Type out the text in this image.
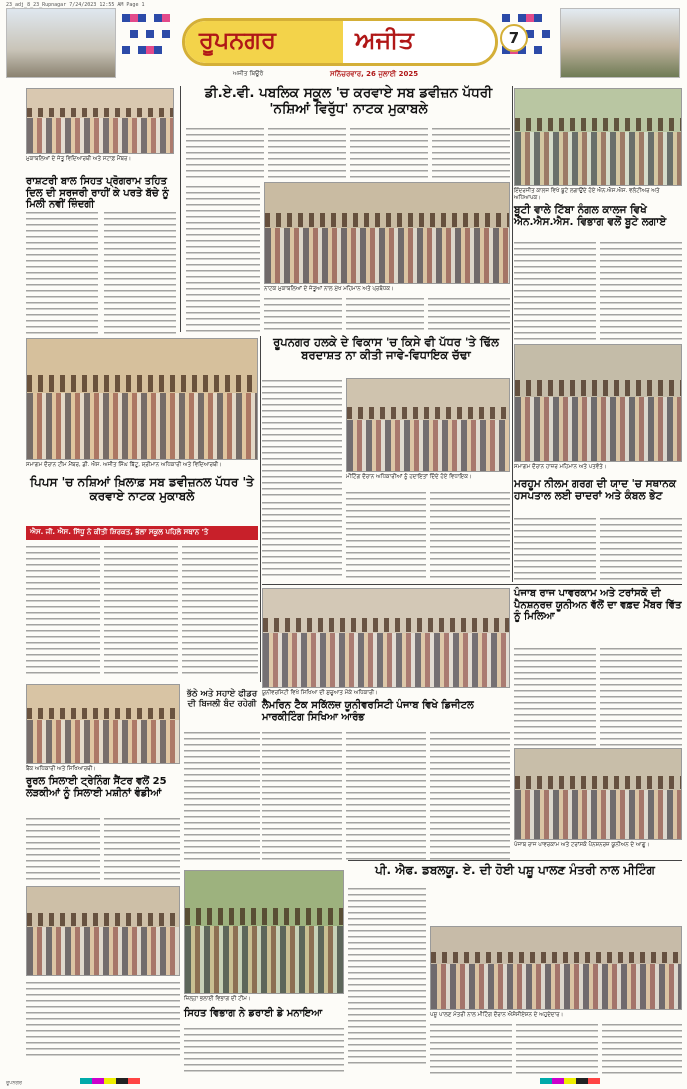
23_adj_8_23_Rupnagar 7/24/2023 12:55 AM Page 1
ਰੂਪਨਗਰ	ਅਜੀਤ	7
ਅਜੀਤ ਬਿਊਰੋ	ਸਨਿੱਚਰਵਾਰ, 26 ਜੁਲਾਈ 2025
ਮੁਕਾਬਲਿਆਂ ਦੇ ਜੇਤੂ ਵਿਦਿਆਰਥੀ ਅਤੇ ਸਟਾਫ਼ ਮੈਂਬਰ।
ਰਾਸ਼ਟਰੀ ਬਾਲ ਸਿਹਤ ਪ੍ਰੋਗਰਾਮ ਤਹਿਤ ਦਿਲ ਦੀ ਸਰਜਰੀ ਰਾਹੀਂ ਕੇ ਪਰਤੇ ਬੱਚੇ ਨੂੰ ਮਿਲੀ ਨਵੀਂ ਜ਼ਿੰਦਗੀ
ਡੀ.ਏ.ਵੀ. ਪਬਲਿਕ ਸਕੂਲ 'ਚ ਕਰਵਾਏ ਸਬ ਡਵੀਜ਼ਨ ਪੱਧਰੀ 'ਨਸ਼ਿਆਂ ਵਿਰੁੱਧ' ਨਾਟਕ ਮੁਕਾਬਲੇ
ਨਾਟਕ ਮੁਕਾਬਲਿਆਂ ਦੇ ਜੇਤੂਆਂ ਨਾਲ ਮੁੱਖ ਮਹਿਮਾਨ ਅਤੇ ਪ੍ਰਬੰਧਕ।
ਇੰਦਰਜੀਤ ਕਾਲਜ ਵਿਖੇ ਬੂਟੇ ਲਗਾਉਂਦੇ ਹੋਏ ਐਨ.ਐਸ.ਐਸ. ਵਲੰਟੀਅਰ ਅਤੇ ਅਧਿਆਪਕ।
ਬੂਟੀ ਵਾਲੇ ਟਿੱਬਾ ਨੰਗਲ ਕਾਲਜ ਵਿਖੇ ਐਨ.ਐਸ.ਐਸ. ਵਿਭਾਗ ਵਲੋਂ ਬੂਟੇ ਲਗਾਏ
ਸਮਾਗਮ ਦੌਰਾਨ ਟੀਮ ਮੈਂਬਰ, ਡੀ. ਐਸ. ਅਜੀਤ ਸਿੰਘ ਬਿੱਟੂ, ਸ਼੍ਰੀਮਾਨ ਅਧਿਕਾਰੀ ਅਤੇ ਵਿਦਿਆਰਥੀ।
ਪਿਪਸ 'ਚ ਨਸ਼ਿਆਂ ਖ਼ਿਲਾਫ਼ ਸਬ ਡਵੀਜ਼ਨਲ ਪੱਧਰ 'ਤੇ ਕਰਵਾਏ ਨਾਟਕ ਮੁਕਾਬਲੇ
ਐਸ. ਜੀ. ਐਸ. ਸਿੱਧੂ ਨੇ ਕੀਤੀ ਸ਼ਿਰਕਤ, ਭੱਲਾ ਸਕੂਲ ਪਹਿਲੇ ਸਥਾਨ 'ਤੇ
ਰੂਪਨਗਰ ਹਲਕੇ ਦੇ ਵਿਕਾਸ 'ਚ ਕਿਸੇ ਵੀ ਪੱਧਰ 'ਤੇ ਢਿੱਲ ਬਰਦਾਸ਼ਤ ਨਾ ਕੀਤੀ ਜਾਵੇ-ਵਿਧਾਇਕ ਚੱਢਾ
ਮੀਟਿੰਗ ਦੌਰਾਨ ਅਧਿਕਾਰੀਆਂ ਨੂੰ ਹਦਾਇਤਾਂ ਦਿੰਦੇ ਹੋਏ ਵਿਧਾਇਕ।
ਸਮਾਗਮ ਦੌਰਾਨ ਹਾਜ਼ਰ ਮਹਿਮਾਨ ਅਤੇ ਪਤਵੰਤੇ।
ਮਰਹੂਮ ਨੀਲਮ ਗਰਗ ਦੀ ਯਾਦ 'ਚ ਸਥਾਨਕ ਹਸਪਤਾਲ ਲਈ ਚਾਦਰਾਂ ਅਤੇ ਕੰਬਲ ਭੇਟ
ਯੂਨੀਵਰਸਿਟੀ ਵਿਖੇ ਸਿਖਿਆ ਦੀ ਸ਼ੁਰੂਆਤ ਮੌਕੇ ਅਧਿਕਾਰੀ।
ਲੈਮਰਿਨ ਟੈਕ ਸਕਿੱਲਜ਼ ਯੂਨੀਵਰਸਿਟੀ ਪੰਜਾਬ ਵਿਖੇ ਡਿਜੀਟਲ ਮਾਰਕੀਟਿੰਗ ਸਿਖਿਆ ਆਰੰਭ
ਪੰਜਾਬ ਰਾਜ ਪਾਵਰਕਾਮ ਅਤੇ ਟਰਾਂਸਕੋ ਦੀ ਪੈਨਸ਼ਨਰਜ਼ ਯੂਨੀਅਨ ਵੱਲੋਂ ਦਾ ਵਫ਼ਦ ਮੈਂਬਰ ਵਿੱਤ ਨੂੰ ਮਿਲਿਆ
ਪੰਜਾਬ ਰਾਜ ਪਾਵਰਕਾਮ ਅਤੇ ਟਰਾਂਸਕੋ ਪੈਨਸ਼ਨਰਜ਼ ਯੂਨੀਅਨ ਦੇ ਆਗੂ।
ਬੈਂਕ ਅਧਿਕਾਰੀ ਅਤੇ ਸਿਖਿਆਰਥੀ।
ਰੂਰਲ ਸਿਲਾਈ ਟ੍ਰੇਨਿੰਗ ਸੈਂਟਰ ਵਲੋਂ 25 ਲੜਕੀਆਂ ਨੂੰ ਸਿਲਾਈ ਮਸ਼ੀਨਾਂ ਵੰਡੀਆਂ
ਭੱਠੇ ਅਤੇ ਸਹਾਏ ਫੀਡਰ ਦੀ ਬਿਜਲੀ ਬੰਦ ਰਹੇਗੀ
ਜ਼ਿਲ੍ਹਾ ਭਲਾਈ ਵਿਭਾਗ ਦੀ ਟੀਮ।
ਸਿਹਤ ਵਿਭਾਗ ਨੇ ਡਰਾਈ ਡੇ ਮਨਾਇਆ
ਪੀ. ਐਫ. ਡਬਲਯੂ. ਏ. ਦੀ ਹੋਈ ਪਸ਼ੂ ਪਾਲਣ ਮੰਤਰੀ ਨਾਲ ਮੀਟਿੰਗ
ਪਸ਼ੂ ਪਾਲਣ ਮੰਤਰੀ ਨਾਲ ਮੀਟਿੰਗ ਦੌਰਾਨ ਐਸੋਸੀਏਸ਼ਨ ਦੇ ਅਹੁਦੇਦਾਰ।
ਰੂਪਨਗਰ
